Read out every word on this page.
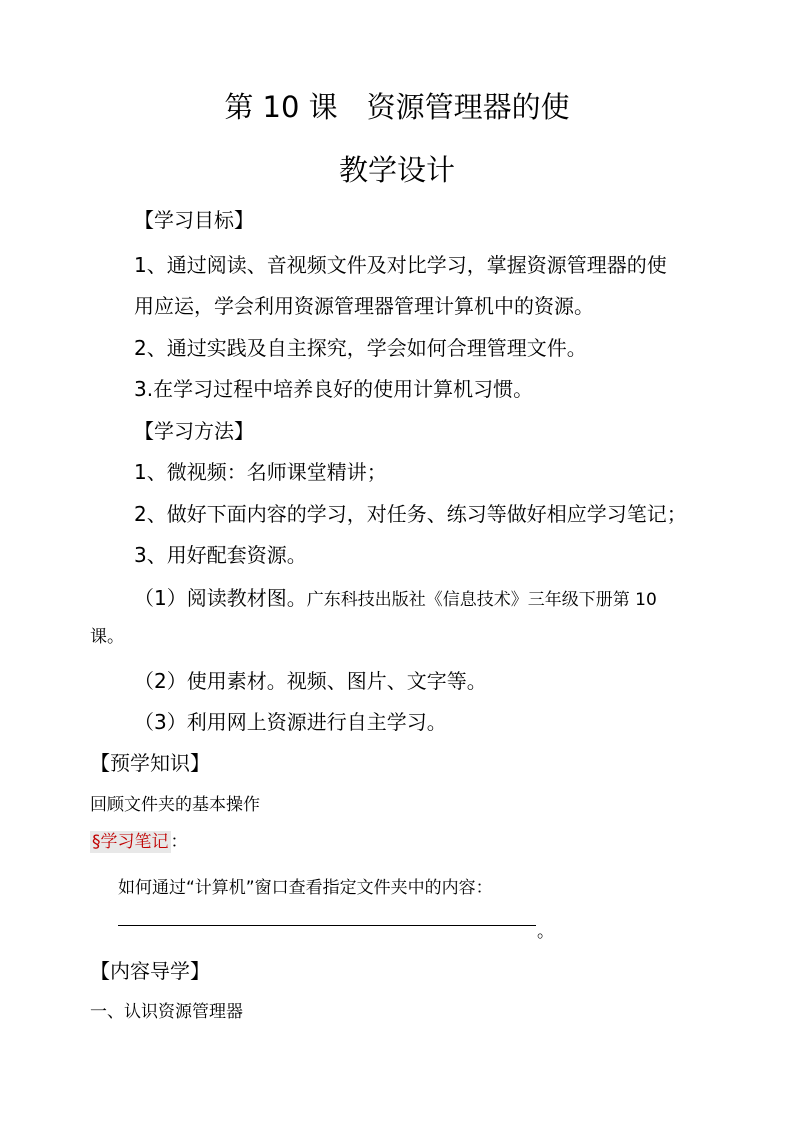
第 10 课　资源管理器的使
教学设计
【学习目标】
1、通过阅读、音视频文件及对比学习，掌握资源管理器的使
用应运，学会利用资源管理器管理计算机中的资源。
2、通过实践及自主探究，学会如何合理管理文件。
3.在学习过程中培养良好的使用计算机习惯。
【学习方法】
1、微视频：名师课堂精讲；
2、做好下面内容的学习，对任务、练习等做好相应学习笔记；
3、用好配套资源。
（1）阅读教材图。广东科技出版社《信息技术》三年级下册第 10
课。
（2）使用素材。视频、图片、文字等。
（3）利用网上资源进行自主学习。
【预学知识】
回顾文件夹的基本操作
§学习笔记 ：
如何通过“计算机”窗口查看指定文件夹中的内容：
。
【内容导学】
一、认识资源管理器
